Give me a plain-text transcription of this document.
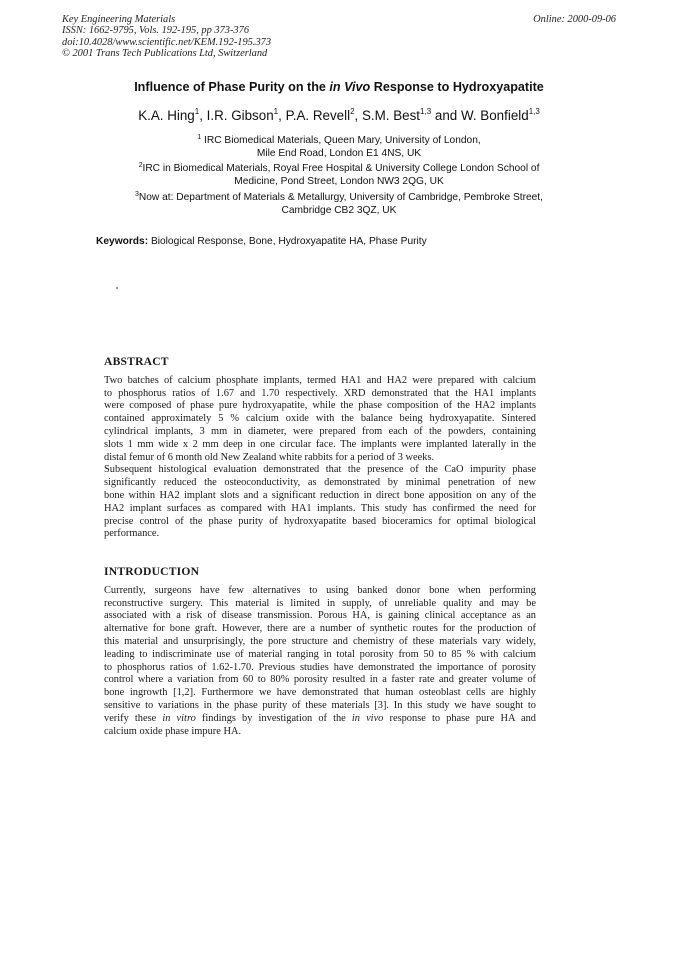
Key Engineering Materials
ISSN: 1662-9795, Vols. 192-195, pp 373-376
doi:10.4028/www.scientific.net/KEM.192-195.373
© 2001 Trans Tech Publications Ltd, Switzerland
Online: 2000-09-06
Influence of Phase Purity on the in Vivo Response to Hydroxyapatite
K.A. Hing$^1$, I.R. Gibson$^1$, P.A. Revell$^2$, S.M. Best$^{1,3}$ and W. Bonfield$^{1,3}$
$^1$ IRC Biomedical Materials, Queen Mary, University of London,
Mile End Road, London E1 4NS, UK
$^2$IRC in Biomedical Materials, Royal Free Hospital & University College London School of
Medicine, Pond Street, London NW3 2QG, UK
$^3$Now at: Department of Materials & Metallurgy, University of Cambridge, Pembroke Street,
Cambridge CB2 3QZ, UK
Keywords: Biological Response, Bone, Hydroxyapatite HA, Phase Purity
ABSTRACT
Two batches of calcium phosphate implants, termed HA1 and HA2 were prepared with calcium
to phosphorus ratios of 1.67 and 1.70 respectively. XRD demonstrated that the HA1 implants
were composed of phase pure hydroxyapatite, while the phase composition of the HA2 implants
contained approximately 5 % calcium oxide with the balance being hydroxyapatite. Sintered
cylindrical implants, 3 mm in diameter, were prepared from each of the powders, containing
slots 1 mm wide x 2 mm deep in one circular face. The implants were implanted laterally in the
distal femur of 6 month old New Zealand white rabbits for a period of 3 weeks.
Subsequent histological evaluation demonstrated that the presence of the CaO impurity phase
significantly reduced the osteoconductivity, as demonstrated by minimal penetration of new
bone within HA2 implant slots and a significant reduction in direct bone apposition on any of the
HA2 implant surfaces as compared with HA1 implants. This study has confirmed the need for
precise control of the phase purity of hydroxyapatite based bioceramics for optimal biological
performance.
INTRODUCTION
Currently, surgeons have few alternatives to using banked donor bone when performing
reconstructive surgery. This material is limited in supply, of unreliable quality and may be
associated with a risk of disease transmission. Porous HA, is gaining clinical acceptance as an
alternative for bone graft. However, there are a number of synthetic routes for the production of
this material and unsurprisingly, the pore structure and chemistry of these materials vary widely,
leading to indiscriminate use of material ranging in total porosity from 50 to 85 % with calcium
to phosphorus ratios of 1.62-1.70. Previous studies have demonstrated the importance of porosity
control where a variation from 60 to 80% porosity resulted in a faster rate and greater volume of
bone ingrowth [1,2]. Furthermore we have demonstrated that human osteoblast cells are highly
sensitive to variations in the phase purity of these materials [3]. In this study we have sought to
verify these in vitro findings by investigation of the in vivo response to phase pure HA and
calcium oxide phase impure HA.
